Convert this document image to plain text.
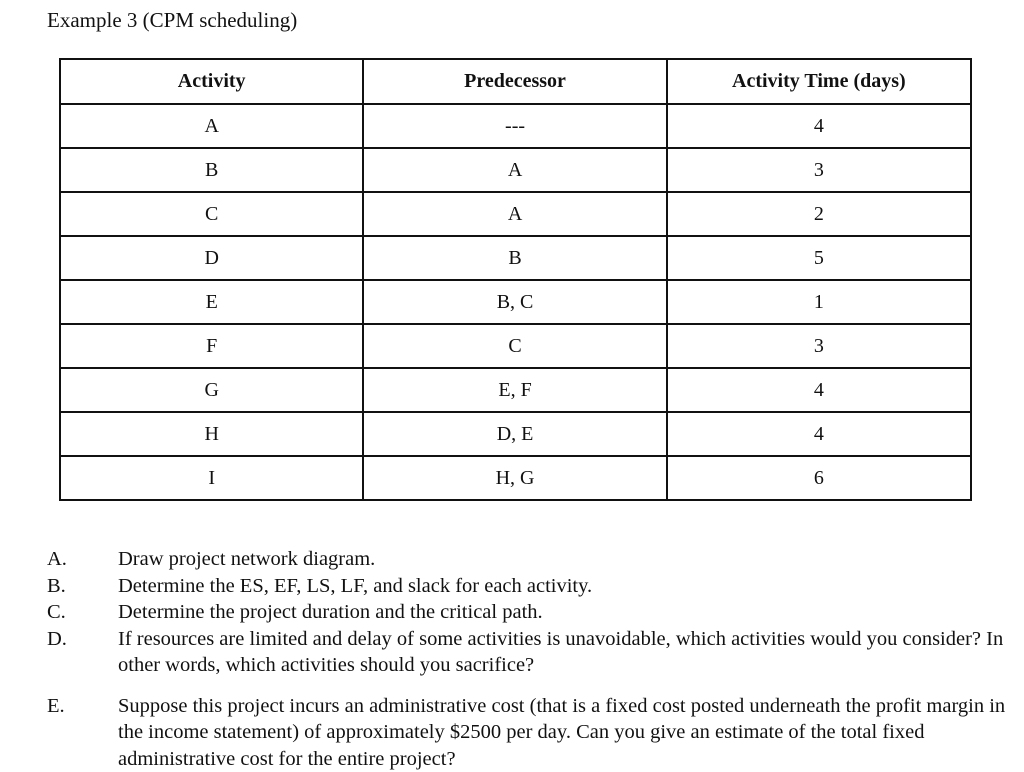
Example 3 (CPM scheduling)
Activity	Predecessor	Activity Time (days)
A	---	4
B	A	3
C	A	2
D	B	5
E	B, C	1
F	C	3
G	E, F	4
H	D, E	4
I	H, G	6
A. Draw project network diagram.
B.	Determine the ES, EF, LS, LF, and slack for each activity.
C.	Determine the project duration and the critical path.
D. If resources are limited and delay of some activities is unavoidable, which activities would you consider? In other words, which activities should you sacrifice?
E.	Suppose this project incurs an administrative cost (that is a fixed cost posted underneath the profit margin in the income statement) of approximately $2500 per day. Can you give an estimate of the total fixed administrative cost for the entire project?
